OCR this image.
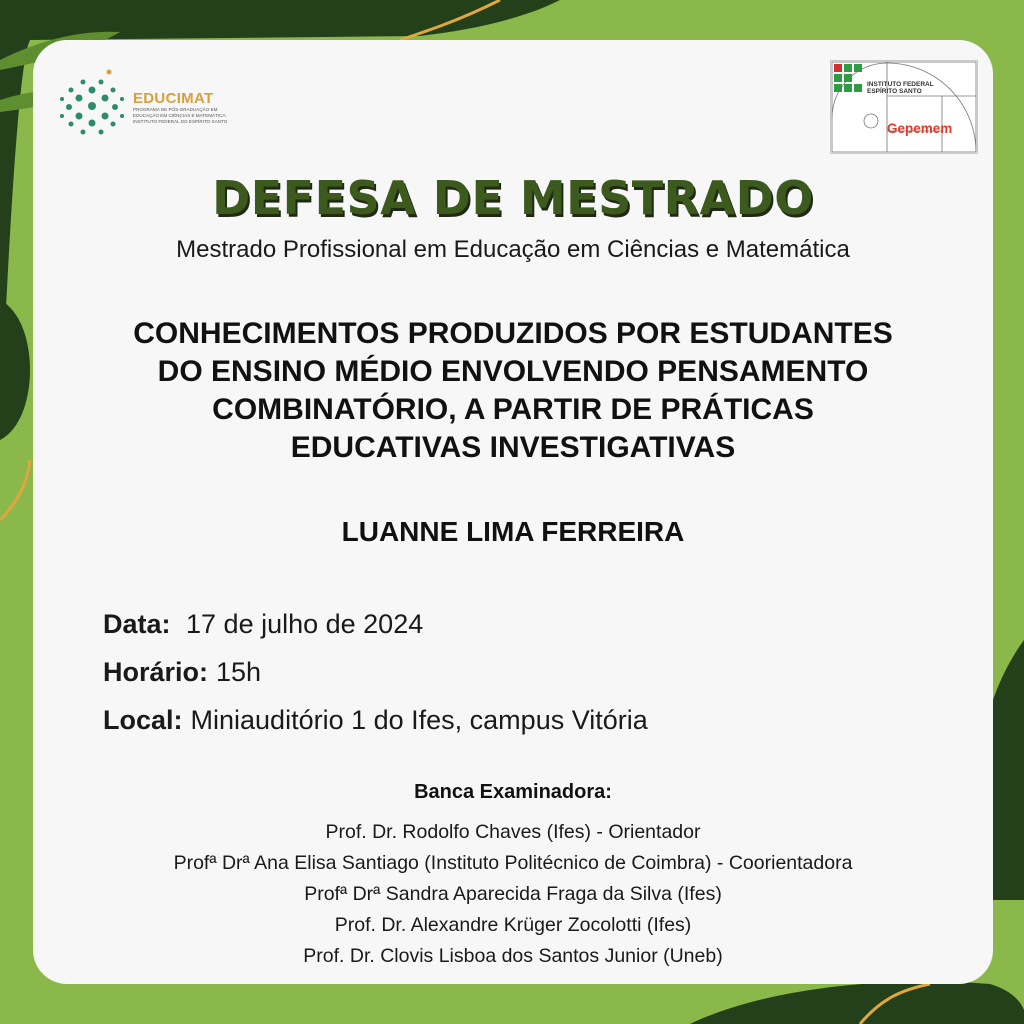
EDUCIMAT
PROGRAMA DE PÓS-GRADUAÇÃO EM EDUCAÇÃO EM CIÊNCIAS E MATEMÁTICA INSTITUTO FEDERAL DO ESPÍRITO SANTO
INSTITUTO FEDERAL
ESPÍRITO SANTO
Gepemem
DEFESA DE MESTRADO
Mestrado Profissional em Educação em Ciências e Matemática
CONHECIMENTOS PRODUZIDOS POR ESTUDANTES
DO ENSINO MÉDIO ENVOLVENDO PENSAMENTO
COMBINATÓRIO, A PARTIR DE PRÁTICAS
EDUCATIVAS INVESTIGATIVAS
LUANNE LIMA FERREIRA
Data: 17 de julho de 2024
Horário: 15h
Local: Miniauditório 1 do Ifes, campus Vitória
Banca Examinadora:
Prof. Dr. Rodolfo Chaves (Ifes) - Orientador
Profª Drª Ana Elisa Santiago (Instituto Politécnico de Coimbra) - Coorientadora
Profª Drª Sandra Aparecida Fraga da Silva (Ifes)
Prof. Dr. Alexandre Krüger Zocolotti (Ifes)
Prof. Dr. Clovis Lisboa dos Santos Junior (Uneb)
